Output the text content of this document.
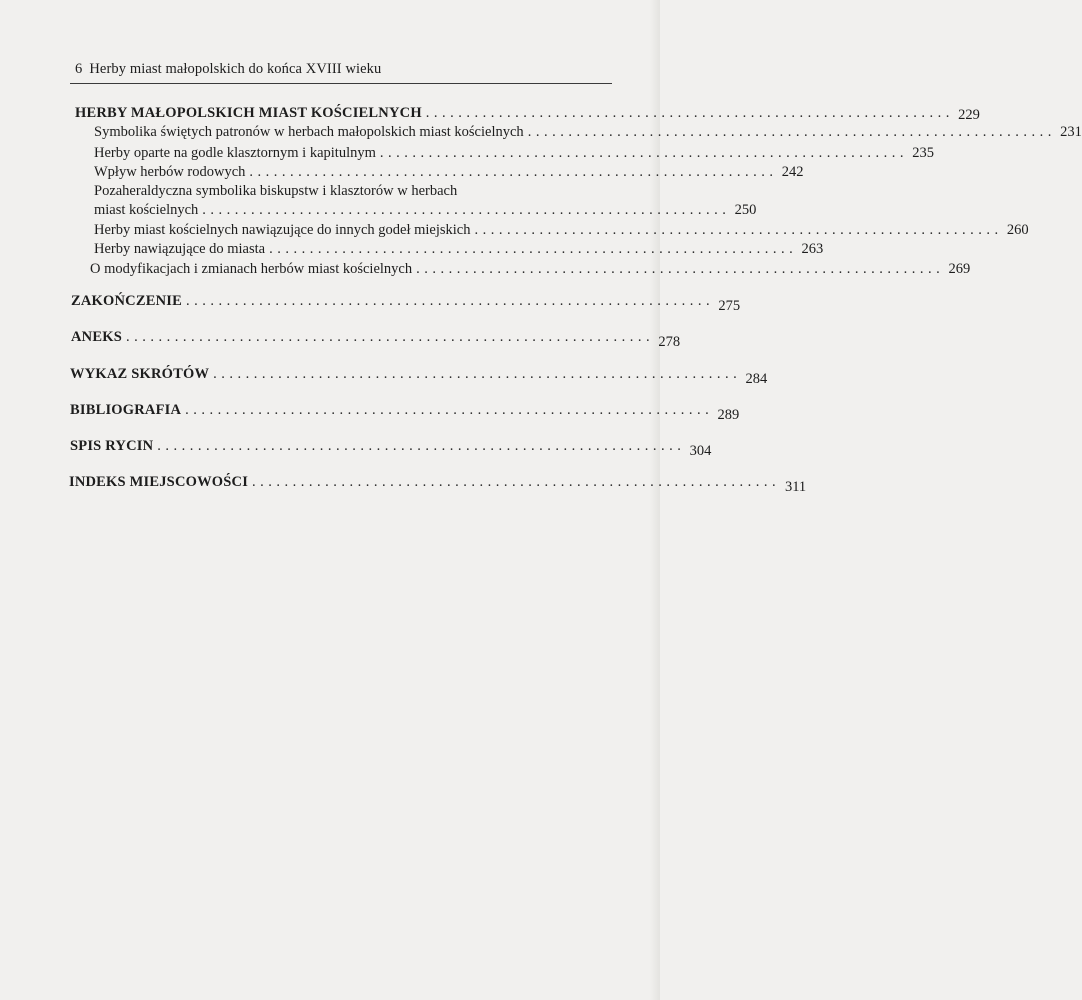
6 Herby miast małopolskich do końca XVIII wieku
HERBY MAŁOPOLSKICH MIAST KOŚCIELNYCH ................................................................. 229
Symbolika świętych patronów w herbach małopolskich miast kościelnych ................................................................. 231
Herby oparte na godle klasztornym i kapitulnym ................................................................. 235
Wpływ herbów rodowych ................................................................. 242
Pozaheraldyczna symbolika biskupstw i klasztorów w herbach
miast kościelnych ................................................................. 250
Herby miast kościelnych nawiązujące do innych godeł miejskich ................................................................. 260
Herby nawiązujące do miasta ................................................................. 263
O modyfikacjach i zmianach herbów miast kościelnych ................................................................. 269
ZAKOŃCZENIE ................................................................. 275
ANEKS ................................................................. 278
WYKAZ SKRÓTÓW ................................................................. 284
BIBLIOGRAFIA ................................................................. 289
SPIS RYCIN ................................................................. 304
INDEKS MIEJSCOWOŚCI ................................................................. 311
